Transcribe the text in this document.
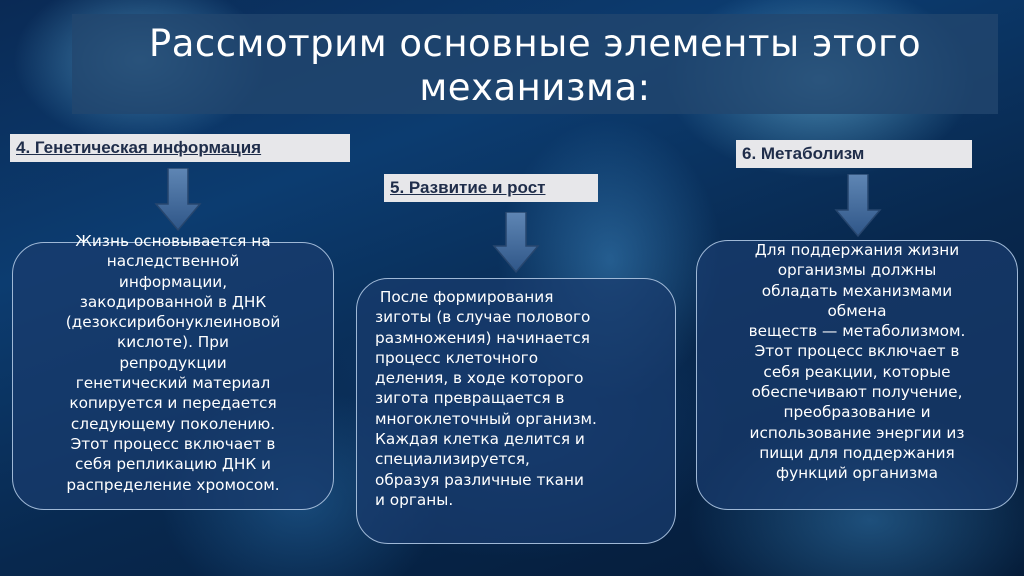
Рассмотрим основные элементы этого
механизма:
4. Генетическая информация
Жизнь основывается на
наследственной
информации,
закодированной в ДНК
(дезоксирибонуклеиновой
кислоте). При
репродукции
генетический материал
копируется и передается
следующему поколению.
Этот процесс включает в
себя репликацию ДНК и
распределение хромосом.
5. Развитие и рост
После формирования
зиготы (в случае полового
размножения) начинается
процесс клеточного
деления, в ходе которого
зигота превращается в
многоклеточный организм.
Каждая клетка делится и
специализируется,
образуя различные ткани
и органы.
6. Метаболизм
Для поддержания жизни
организмы должны
обладать механизмами
обмена
веществ — метаболизмом.
Этот процесс включает в
себя реакции, которые
обеспечивают получение,
преобразование и
использование энергии из
пищи для поддержания
функций организма
